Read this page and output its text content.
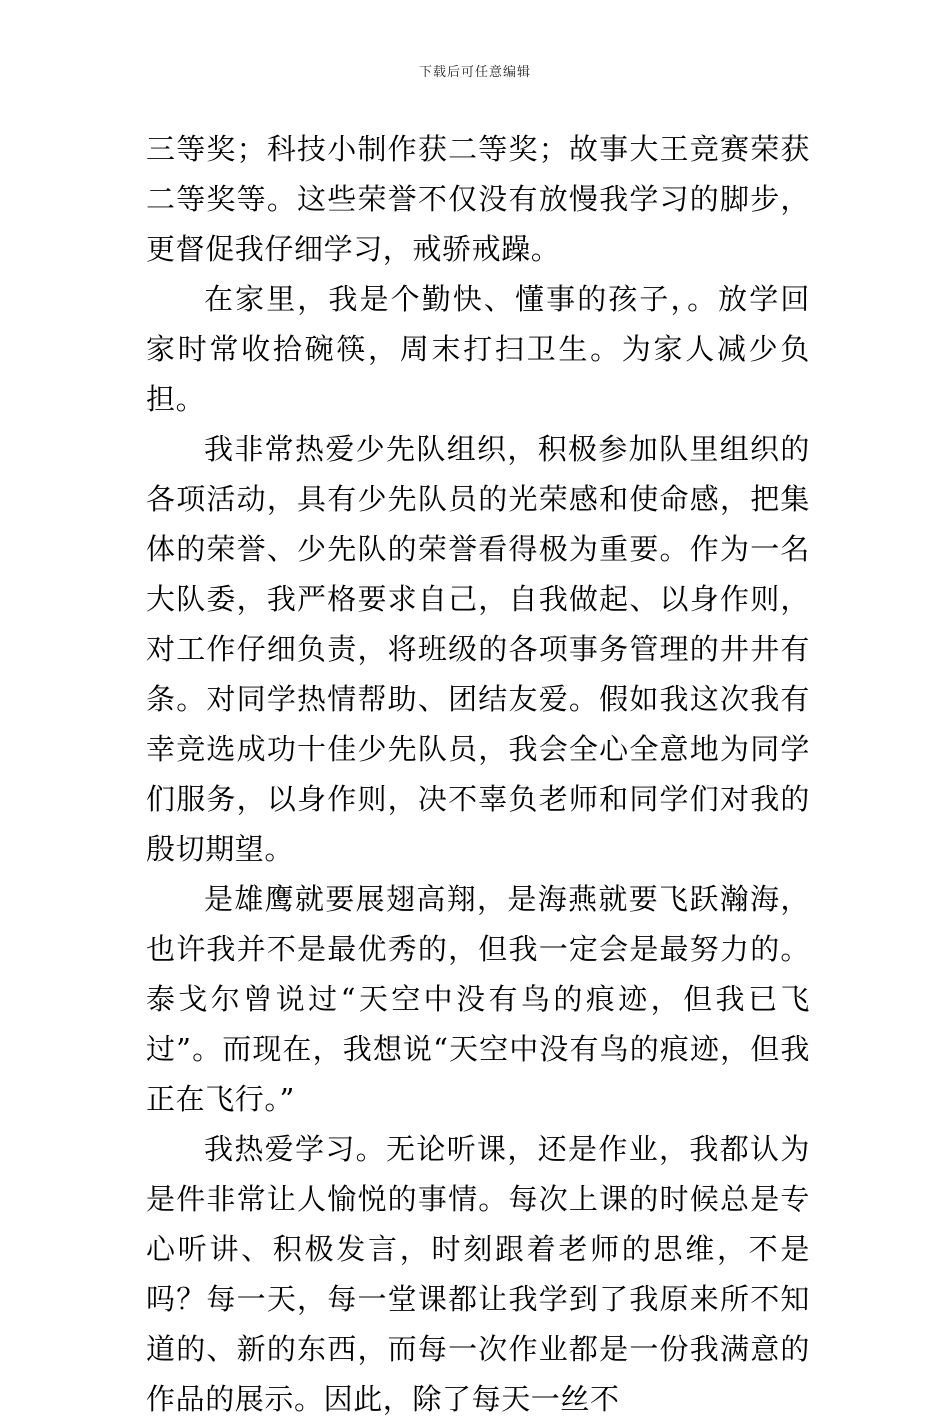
下载后可任意编辑

三等奖；科技小制作获二等奖；故事大王竞赛荣获二等奖等。这些荣誉不仅没有放慢我学习的脚步，更督促我仔细学习，戒骄戒躁。

在家里，我是个勤快、懂事的孩子，。放学回家时常收拾碗筷，周末打扫卫生。为家人减少负担。

我非常热爱少先队组织，积极参加队里组织的各项活动，具有少先队员的光荣感和使命感，把集体的荣誉、少先队的荣誉看得极为重要。作为一名大队委，我严格要求自己，自我做起、以身作则，对工作仔细负责，将班级的各项事务管理的井井有条。对同学热情帮助、团结友爱。假如我这次我有幸竞选成功十佳少先队员，我会全心全意地为同学们服务，以身作则，决不辜负老师和同学们对我的殷切期望。

是雄鹰就要展翅高翔，是海燕就要飞跃瀚海，也许我并不是最优秀的，但我一定会是最努力的。泰戈尔曾说过“天空中没有鸟的痕迹，但我已飞过”。而现在，我想说“天空中没有鸟的痕迹，但我正在飞行。”

我热爱学习。无论听课，还是作业，我都认为是件非常让人愉悦的事情。每次上课的时候总是专心听讲、积极发言，时刻跟着老师的思维，不是吗？每一天，每一堂课都让我学到了我原来所不知道的、新的东西，而每一次作业都是一份我满意的作品的展示。因此，除了每天一丝不
